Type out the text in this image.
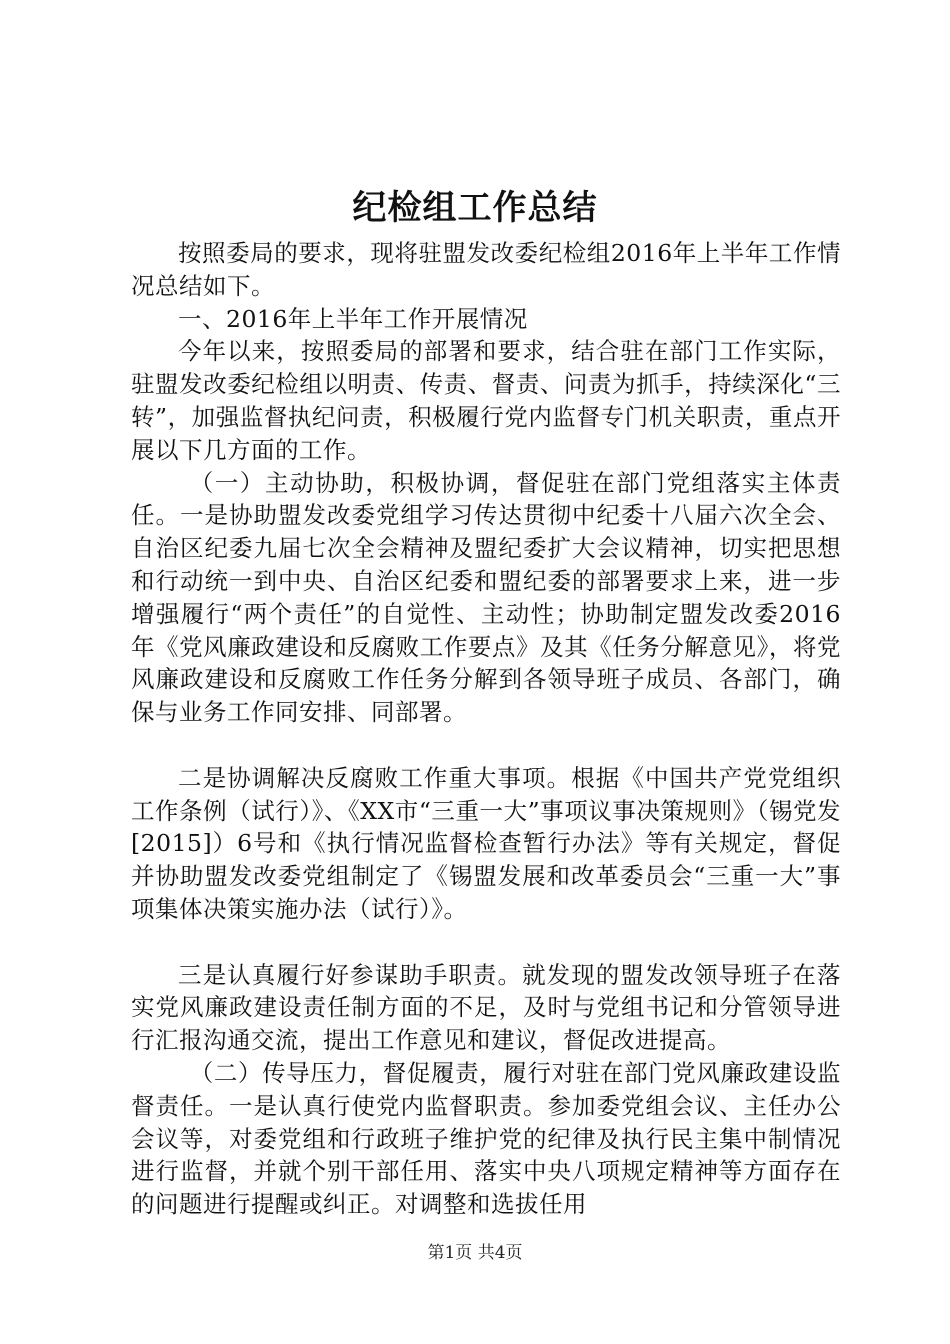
纪检组工作总结

按照委局的要求，现将驻盟发改委纪检组2016年上半年工作情况总结如下。

一、2016年上半年工作开展情况

今年以来，按照委局的部署和要求，结合驻在部门工作实际，驻盟发改委纪检组以明责、传责、督责、问责为抓手，持续深化“三转”，加强监督执纪问责，积极履行党内监督专门机关职责，重点开展以下几方面的工作。

（一）主动协助，积极协调，督促驻在部门党组落实主体责任。一是协助盟发改委党组学习传达贯彻中纪委十八届六次全会、自治区纪委九届七次全会精神及盟纪委扩大会议精神，切实把思想和行动统一到中央、自治区纪委和盟纪委的部署要求上来，进一步增强履行“两个责任”的自觉性、主动性；协助制定盟发改委2016年《党风廉政建设和反腐败工作要点》及其《任务分解意见》，将党风廉政建设和反腐败工作任务分解到各领导班子成员、各部门，确保与业务工作同安排、同部署。

二是协调解决反腐败工作重大事项。根据《中国共产党党组织工作条例（试行）》、《XX市“三重一大”事项议事决策规则》（锡党发[2015]）6号和《执行情况监督检查暂行办法》等有关规定，督促并协助盟发改委党组制定了《锡盟发展和改革委员会“三重一大”事项集体决策实施办法（试行）》。

三是认真履行好参谋助手职责。就发现的盟发改领导班子在落实党风廉政建设责任制方面的不足，及时与党组书记和分管领导进行汇报沟通交流，提出工作意见和建议，督促改进提高。

（二）传导压力，督促履责，履行对驻在部门党风廉政建设监督责任。一是认真行使党内监督职责。参加委党组会议、主任办公会议等，对委党组和行政班子维护党的纪律及执行民主集中制情况进行监督，并就个别干部任用、落实中央八项规定精神等方面存在的问题进行提醒或纠正。对调整和选拔任用

第1页 共4页
